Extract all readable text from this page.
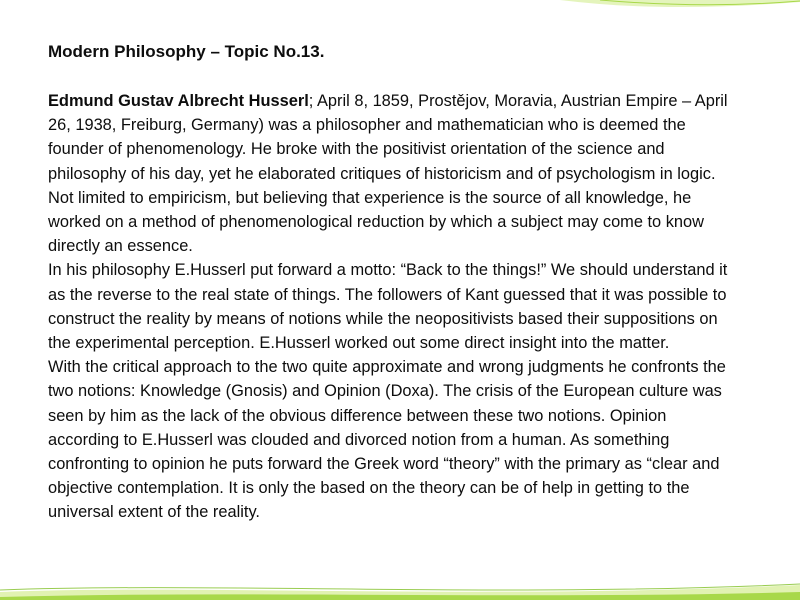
Modern Philosophy – Topic No.13.

Edmund Gustav Albrecht Husserl; April 8, 1859, Prostějov, Moravia, Austrian Empire – April 26, 1938, Freiburg, Germany) was a philosopher and mathematician who is deemed the founder of phenomenology. He broke with the positivist orientation of the science and philosophy of his day, yet he elaborated critiques of historicism and of psychologism in logic. Not limited to empiricism, but believing that experience is the source of all knowledge, he worked on a method of phenomenological reduction by which a subject may come to know directly an essence.

In his philosophy E.Husserl put forward a motto: “Back to the things!” We should understand it as the reverse to the real state of things. The followers of Kant guessed that it was possible to construct the reality by means of notions while the neopositivists based their suppositions on the experimental perception. E.Husserl worked out some direct insight into the matter.

With the critical approach to the two quite approximate and wrong judgments he confronts the two notions: Knowledge (Gnosis) and Opinion (Doxa). The crisis of the European culture was seen by him as the lack of the obvious difference between these two notions. Opinion according to E.Husserl was clouded and divorced notion from a human. As something confronting to opinion he puts forward the Greek word “theory” with the primary as “clear and objective contemplation. It is only the based on the theory can be of help in getting to the universal extent of the reality.
